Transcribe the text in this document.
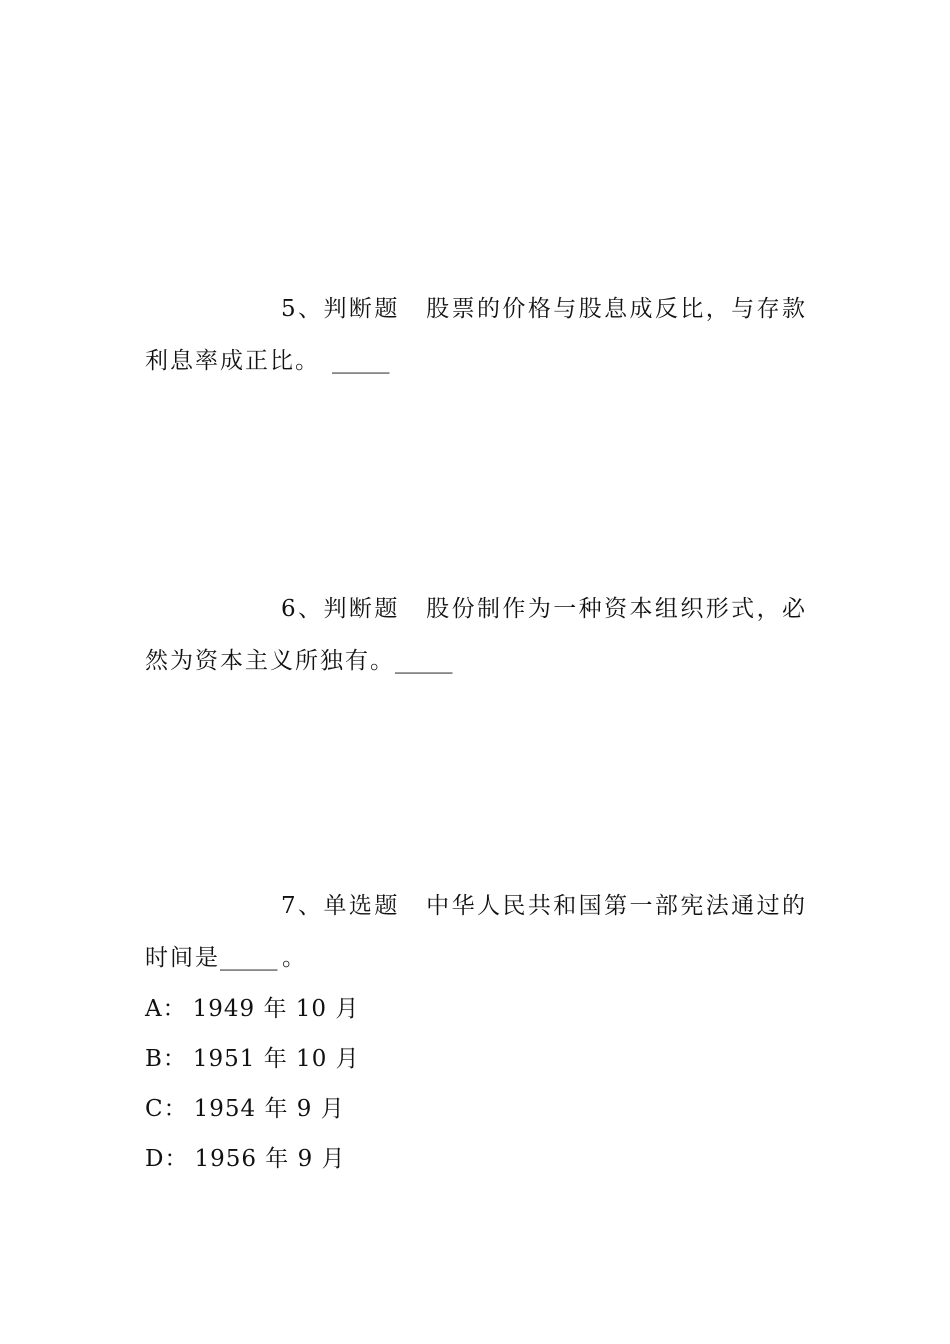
5、判断题 股票的价格与股息成反比，与存款
利息率成正比。 _____
6、判断题 股份制作为一种资本组织形式，必
然为资本主义所独有。_____
7、单选题 中华人民共和国第一部宪法通过的
时间是_____ 。
A： 1949 年 10 月
B： 1951 年 10 月
C： 1954 年 9 月
D： 1956 年 9 月
